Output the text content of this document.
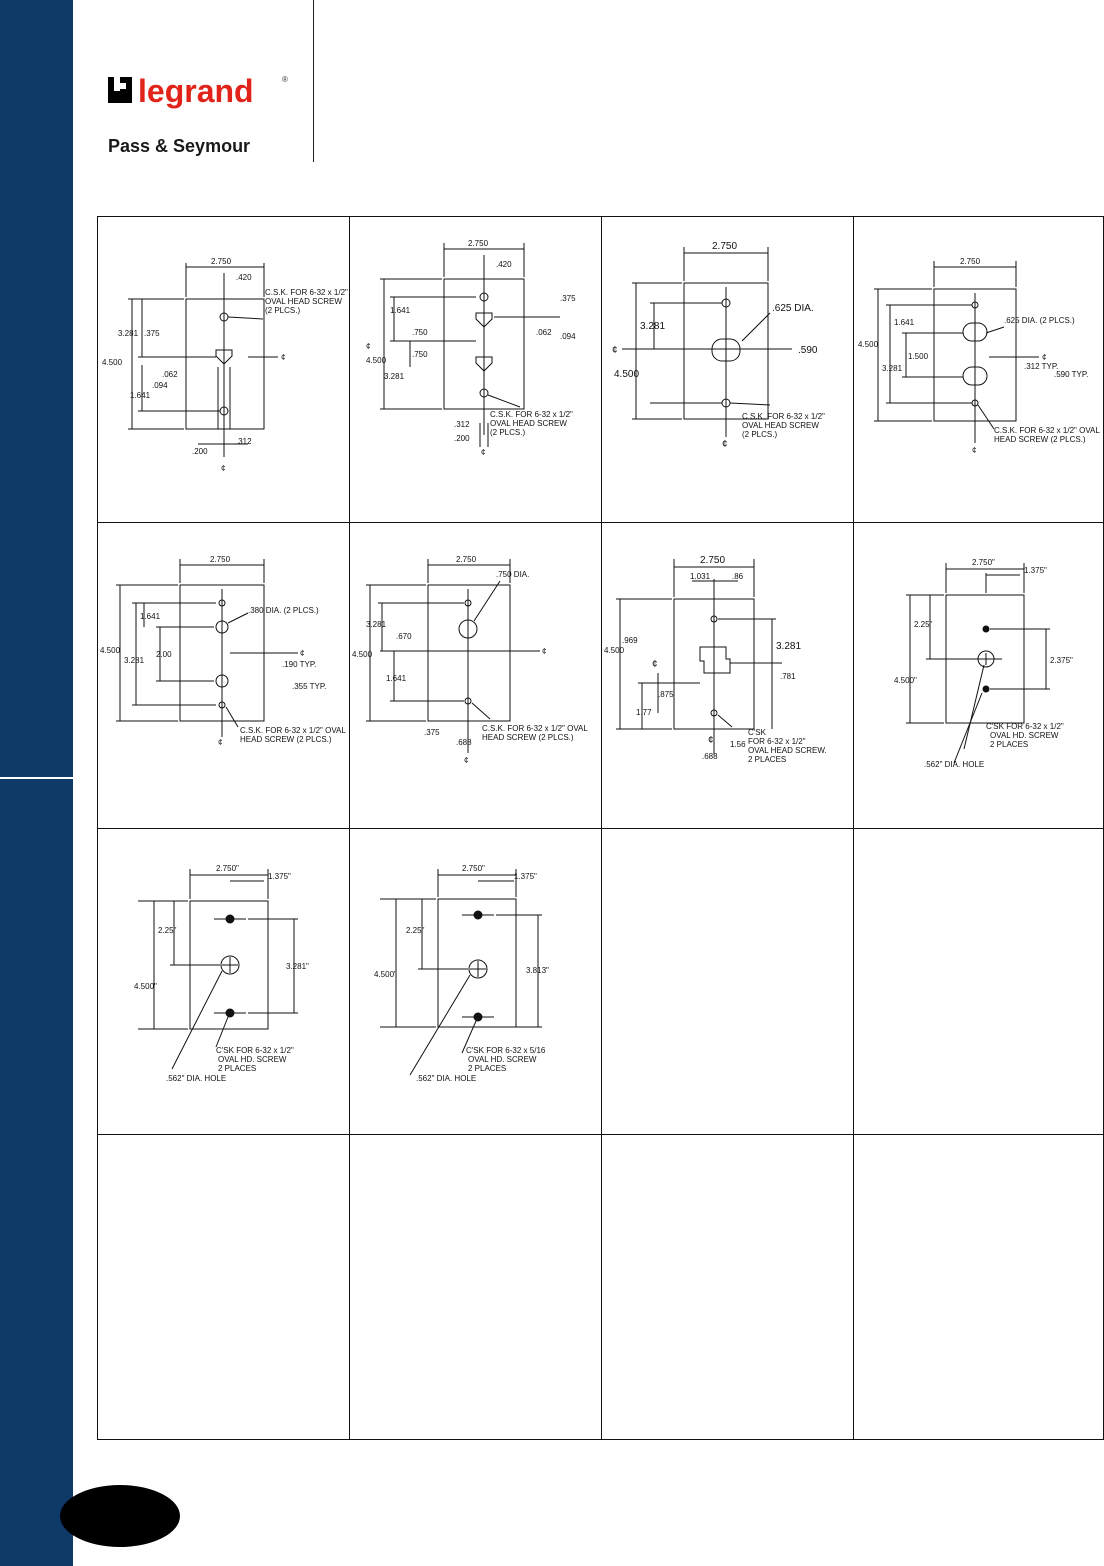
legrand	®
Pass & Seymour
2.750
.420
C.S.K. FOR 6-32 x 1/2"
OVAL HEAD SCREW
(2 PLCS.)
3.281 .375
.062
.094
4.500
1.641
.312
.200
¢
¢
2.750
.420
1.641
.375
.750
.750
.062 .094
4.500
3.281
C.S.K. FOR 6-32 x 1/2"
OVAL HEAD SCREW
(2 PLCS.)
.312
.200
¢
¢
2.750
.625 DIA.
3.281
.590
4.500
C.S.K. FOR 6-32 x 1/2"
OVAL HEAD SCREW
(2 PLCS.)
¢
¢
2.750
.625 DIA. (2 PLCS.)
1.641
4.500
1.500
3.281	.312 TYP.
.590 TYP.
C.S.K. FOR 6-32 x 1/2" OVAL
HEAD SCREW (2 PLCS.)
¢
¢
2.750
.380 DIA. (2 PLCS.)
1.641
4.500	2.00
3.281	.190 TYP.
.355 TYP.
C.S.K. FOR 6-32 x 1/2" OVAL
HEAD SCREW (2 PLCS.)
¢
¢
2.750
.750 DIA.
3.281
.670
4.500
1.641
C.S.K. FOR 6-32 x 1/2" OVAL
HEAD SCREW (2 PLCS.)
.375
.688
¢
¢
2.750
1.031	.86
4.500
.969
3.281
.781
.875
1.77
1.56
.688
C'SK
FOR 6-32 x 1/2"
OVAL HEAD SCREW.
2 PLACES
¢
¢
2.750"
1.375"
2.25"
2.375"
4.500"
C'SK FOR 6-32 x 1/2"
OVAL HD. SCREW
2 PLACES
.562" DIA. HOLE
2.750"
1.375"
2.25"
3.281"
4.500"
C'SK FOR 6-32 x 1/2"
OVAL HD. SCREW
2 PLACES
.562" DIA. HOLE
2.750"
1.375"
2.25"
3.813"
4.500"
C'SK FOR 6-32 x 5/16
OVAL HD. SCREW
2 PLACES
.562" DIA. HOLE
